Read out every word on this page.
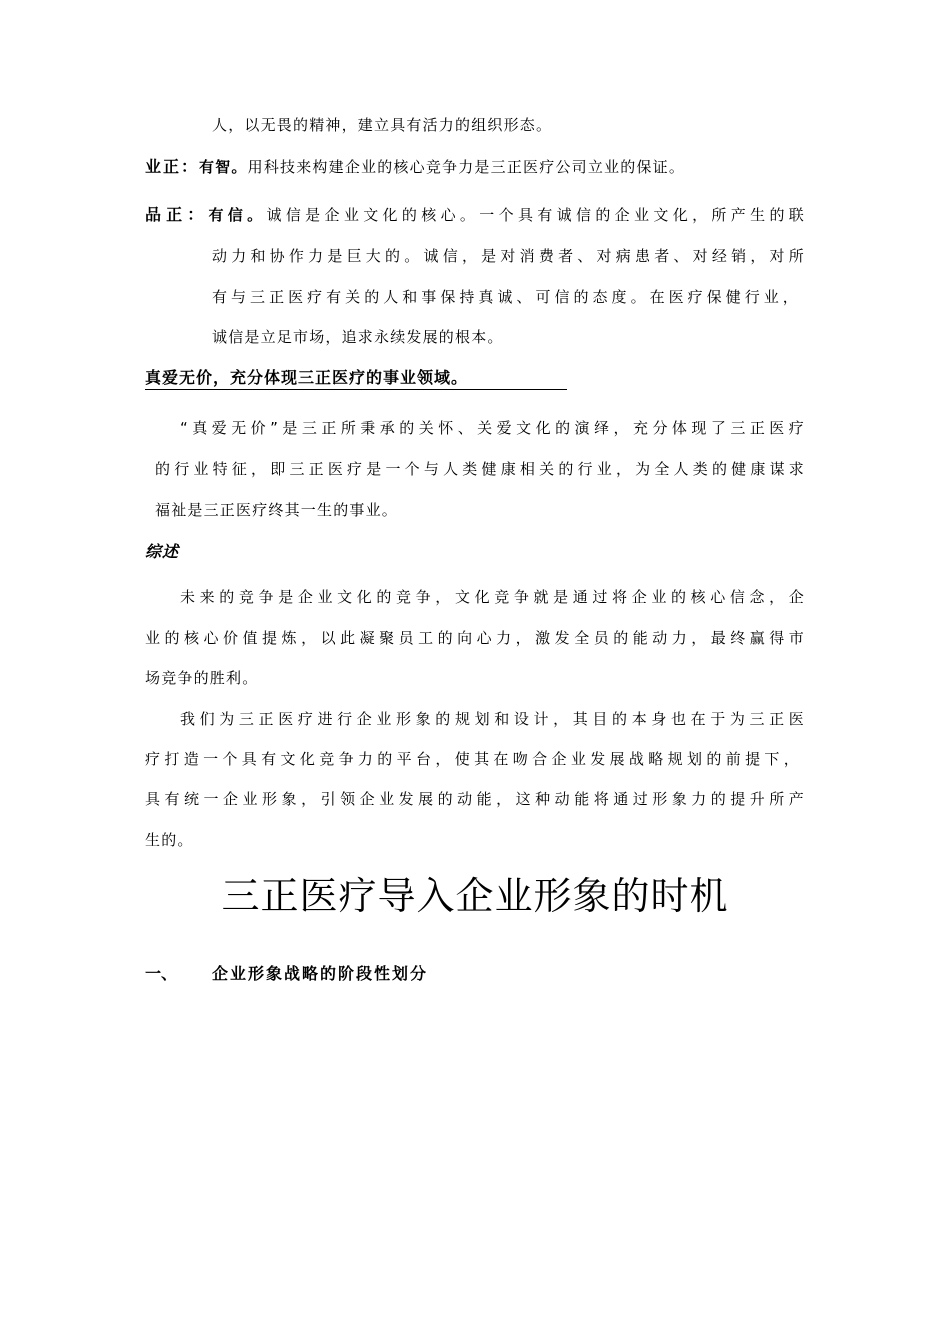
人，以无畏的精神，建立具有活力的组织形态。
业正：有智。用科技来构建企业的核心竞争力是三正医疗公司立业的保证。
品正：有信。诚信是企业文化的核心。一个具有诚信的企业文化，所产生的联
动力和协作力是巨大的。诚信，是对消费者、对病患者、对经销，对所
有与三正医疗有关的人和事保持真诚、可信的态度。在医疗保健行业，
诚信是立足市场，追求永续发展的根本。
真爱无价，充分体现三正医疗的事业领域。
“真爱无价”是三正所秉承的关怀、关爱文化的演绎，充分体现了三正医疗
的行业特征，即三正医疗是一个与人类健康相关的行业，为全人类的健康谋求
福祉是三正医疗终其一生的事业。
综述
未来的竞争是企业文化的竞争，文化竞争就是通过将企业的核心信念，企
业的核心价值提炼，以此凝聚员工的向心力，激发全员的能动力，最终赢得市
场竞争的胜利。
我们为三正医疗进行企业形象的规划和设计，其目的本身也在于为三正医
疗打造一个具有文化竞争力的平台，使其在吻合企业发展战略规划的前提下，
具有统一企业形象，引领企业发展的动能，这种动能将通过形象力的提升所产
生的。
三正医疗导入企业形象的时机
一、 企业形象战略的阶段性划分
